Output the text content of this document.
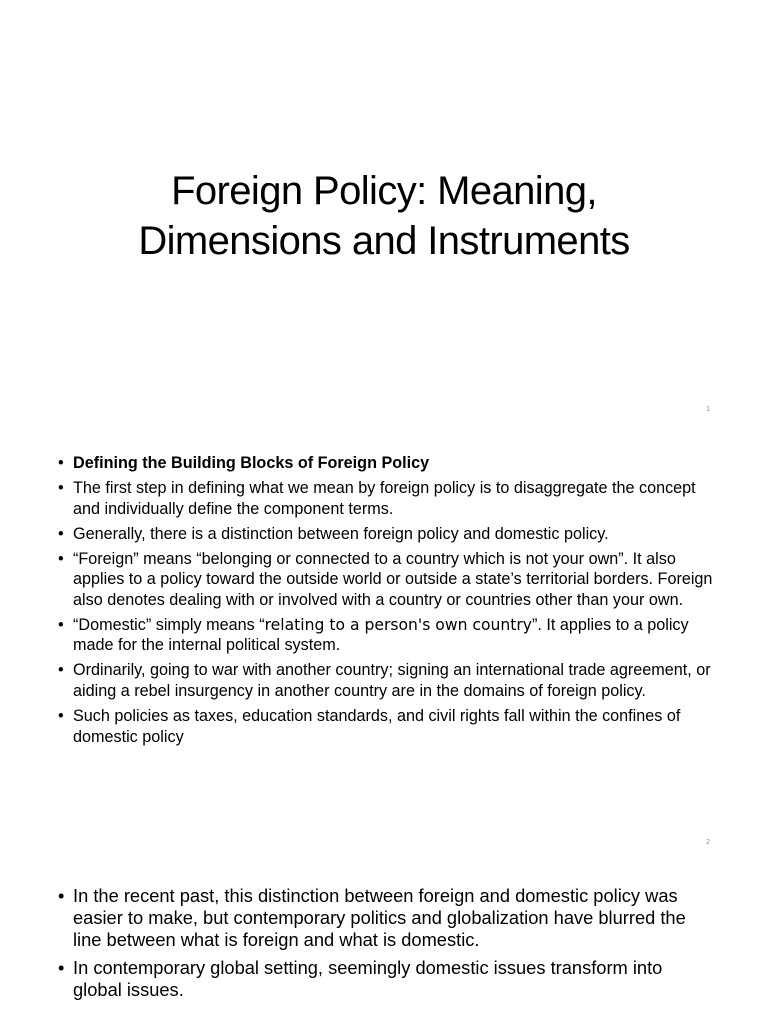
Foreign Policy: Meaning,
Dimensions and Instruments
1
• Defining the Building Blocks of Foreign Policy
• The first step in defining what we mean by foreign policy is to disaggregate the concept and individually define the component terms.
• Generally, there is a distinction between foreign policy and domestic policy.
• “Foreign” means “belonging or connected to a country which is not your own”. It also applies to a policy toward the outside world or outside a state’s territorial borders. Foreign also denotes dealing with or involved with a country or countries other than your own.
• “Domestic” simply means “relating to a person's own country”. It applies to a policy made for the internal political system.
• Ordinarily, going to war with another country; signing an international trade agreement, or aiding a rebel insurgency in another country are in the domains of foreign policy.
• Such policies as taxes, education standards, and civil rights fall within the confines of domestic policy
2
• In the recent past, this distinction between foreign and domestic policy was easier to make, but contemporary politics and globalization have blurred the line between what is foreign and what is domestic.
• In contemporary global setting, seemingly domestic issues transform into global issues.
